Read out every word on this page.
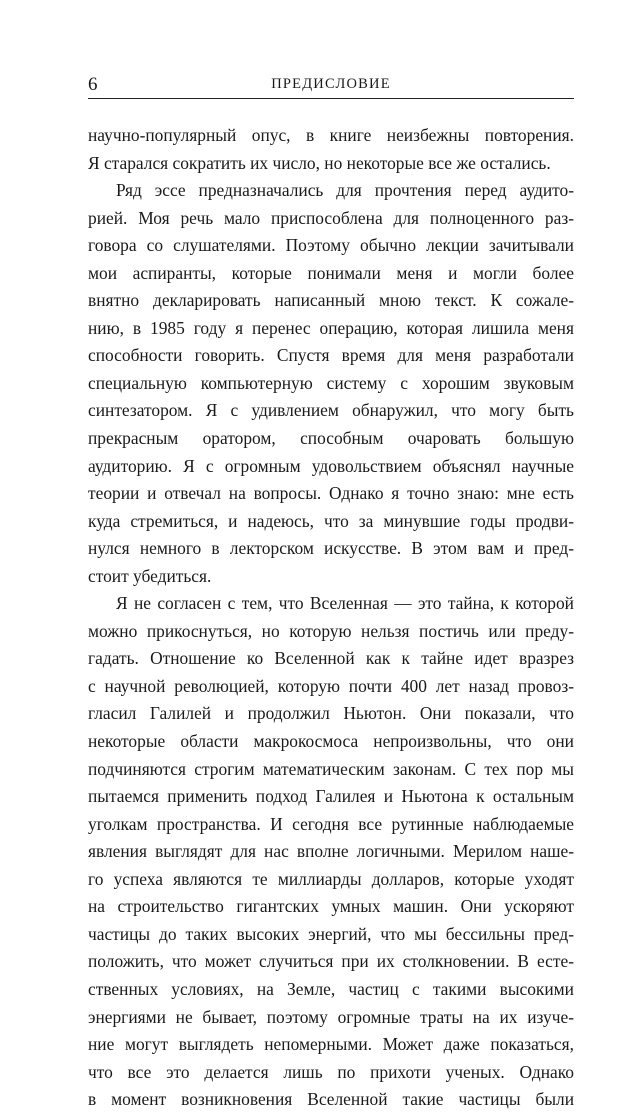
6	ПРЕДИСЛОВИЕ
научно-популярный опус, в книге неизбежны повторения.
Я старался сократить их число, но некоторые все же остались.
Ряд эссе предназначались для прочтения перед аудито-
рией. Моя речь мало приспособлена для полноценного раз-
говора со слушателями. Поэтому обычно лекции зачитывали
мои аспиранты, которые понимали меня и могли более
внятно декларировать написанный мною текст. К сожале-
нию, в 1985 году я перенес операцию, которая лишила меня
способности говорить. Спустя время для меня разработали
специальную компьютерную систему с хорошим звуковым
синтезатором. Я с удивлением обнаружил, что могу быть
прекрасным оратором, способным очаровать большую
аудиторию. Я с огромным удовольствием объяснял научные
теории и отвечал на вопросы. Однако я точно знаю: мне есть
куда стремиться, и надеюсь, что за минувшие годы продви-
нулся немного в лекторском искусстве. В этом вам и пред-
стоит убедиться.
Я не согласен с тем, что Вселенная — это тайна, к которой
можно прикоснуться, но которую нельзя постичь или преду-
гадать. Отношение ко Вселенной как к тайне идет вразрез
с научной революцией, которую почти 400 лет назад провоз-
гласил Галилей и продолжил Ньютон. Они показали, что
некоторые области макрокосмоса непроизвольны, что они
подчиняются строгим математическим законам. С тех пор мы
пытаемся применить подход Галилея и Ньютона к остальным
уголкам пространства. И сегодня все рутинные наблюдаемые
явления выглядят для нас вполне логичными. Мерилом наше-
го успеха являются те миллиарды долларов, которые уходят
на строительство гигантских умных машин. Они ускоряют
частицы до таких высоких энергий, что мы бессильны пред-
положить, что может случиться при их столкновении. В есте-
ственных условиях, на Земле, частиц с такими высокими
энергиями не бывает, поэтому огромные траты на их изуче-
ние могут выглядеть непомерными. Может даже показаться,
что все это делается лишь по прихоти ученых. Однако
в момент возникновения Вселенной такие частицы были
